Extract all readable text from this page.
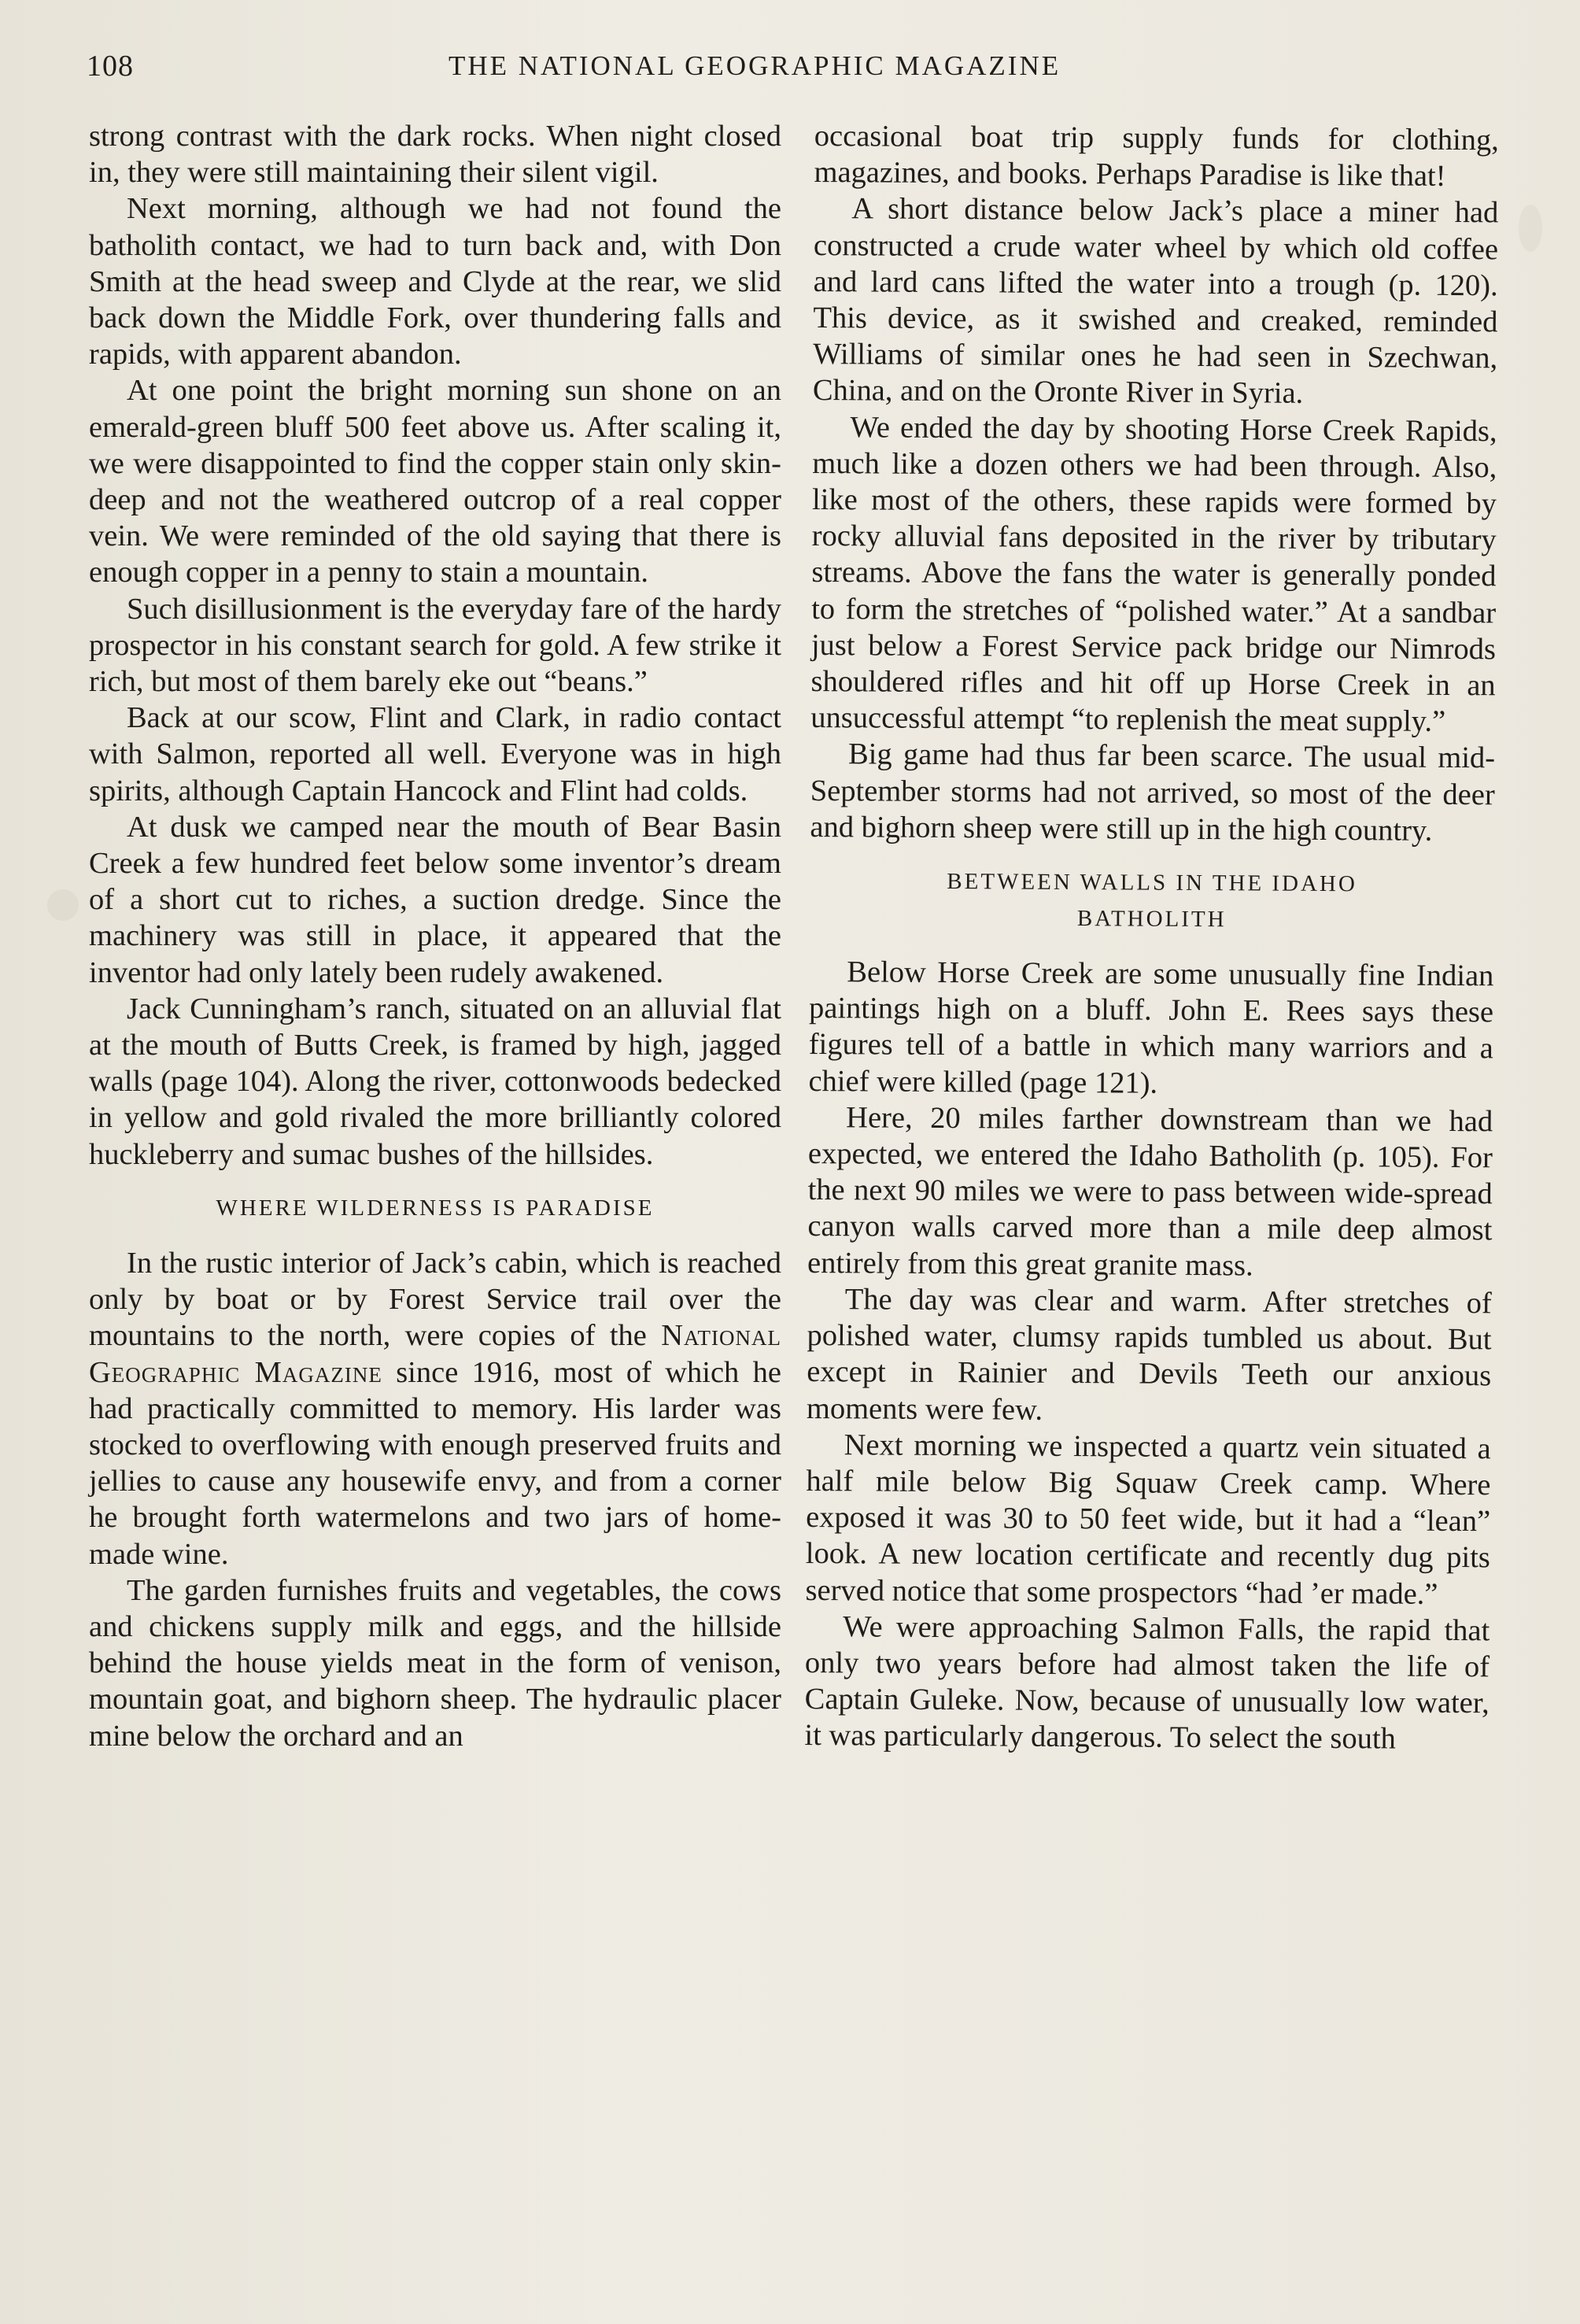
108	THE NATIONAL GEOGRAPHIC MAGAZINE

strong contrast with the dark rocks. When night closed in, they were still maintaining their silent vigil.

Next morning, although we had not found the batholith contact, we had to turn back and, with Don Smith at the head sweep and Clyde at the rear, we slid back down the Middle Fork, over thundering falls and rapids, with apparent abandon.

At one point the bright morning sun shone on an emerald-green bluff 500 feet above us. After scaling it, we were disappointed to find the copper stain only skin-deep and not the weathered outcrop of a real copper vein. We were reminded of the old saying that there is enough copper in a penny to stain a mountain.

Such disillusionment is the everyday fare of the hardy prospector in his constant search for gold. A few strike it rich, but most of them barely eke out “beans.”

Back at our scow, Flint and Clark, in radio contact with Salmon, reported all well. Everyone was in high spirits, although Captain Hancock and Flint had colds.

At dusk we camped near the mouth of Bear Basin Creek a few hundred feet below some inventor’s dream of a short cut to riches, a suction dredge. Since the machinery was still in place, it appeared that the inventor had only lately been rudely awakened.

Jack Cunningham’s ranch, situated on an alluvial flat at the mouth of Butts Creek, is framed by high, jagged walls (page 104). Along the river, cottonwoods bedecked in yellow and gold rivaled the more brilliantly colored huckleberry and sumac bushes of the hillsides.

WHERE WILDERNESS IS PARADISE

In the rustic interior of Jack’s cabin, which is reached only by boat or by Forest Service trail over the mountains to the north, were copies of the National Geographic Magazine since 1916, most of which he had practically committed to memory. His larder was stocked to overflowing with enough preserved fruits and jellies to cause any housewife envy, and from a corner he brought forth watermelons and two jars of home-made wine.

The garden furnishes fruits and vegetables, the cows and chickens supply milk and eggs, and the hillside behind the house yields meat in the form of venison, mountain goat, and bighorn sheep. The hydraulic placer mine below the orchard and an

occasional boat trip supply funds for clothing, magazines, and books. Perhaps Paradise is like that!

A short distance below Jack’s place a miner had constructed a crude water wheel by which old coffee and lard cans lifted the water into a trough (p. 120). This device, as it swished and creaked, reminded Williams of similar ones he had seen in Szechwan, China, and on the Oronte River in Syria.

We ended the day by shooting Horse Creek Rapids, much like a dozen others we had been through. Also, like most of the others, these rapids were formed by rocky alluvial fans deposited in the river by tributary streams. Above the fans the water is generally ponded to form the stretches of “polished water.” At a sandbar just below a Forest Service pack bridge our Nimrods shouldered rifles and hit off up Horse Creek in an unsuccessful attempt “to replenish the meat supply.”

Big game had thus far been scarce. The usual mid-September storms had not arrived, so most of the deer and bighorn sheep were still up in the high country.

BETWEEN WALLS IN THE IDAHO
BATHOLITH

Below Horse Creek are some unusually fine Indian paintings high on a bluff. John E. Rees says these figures tell of a battle in which many warriors and a chief were killed (page 121).

Here, 20 miles farther downstream than we had expected, we entered the Idaho Batholith (p. 105). For the next 90 miles we were to pass between wide-spread canyon walls carved more than a mile deep almost entirely from this great granite mass.

The day was clear and warm. After stretches of polished water, clumsy rapids tumbled us about. But except in Rainier and Devils Teeth our anxious moments were few.

Next morning we inspected a quartz vein situated a half mile below Big Squaw Creek camp. Where exposed it was 30 to 50 feet wide, but it had a “lean” look. A new location certificate and recently dug pits served notice that some prospectors “had ’er made.”

We were approaching Salmon Falls, the rapid that only two years before had almost taken the life of Captain Guleke. Now, because of unusually low water, it was particularly dangerous. To select the south
